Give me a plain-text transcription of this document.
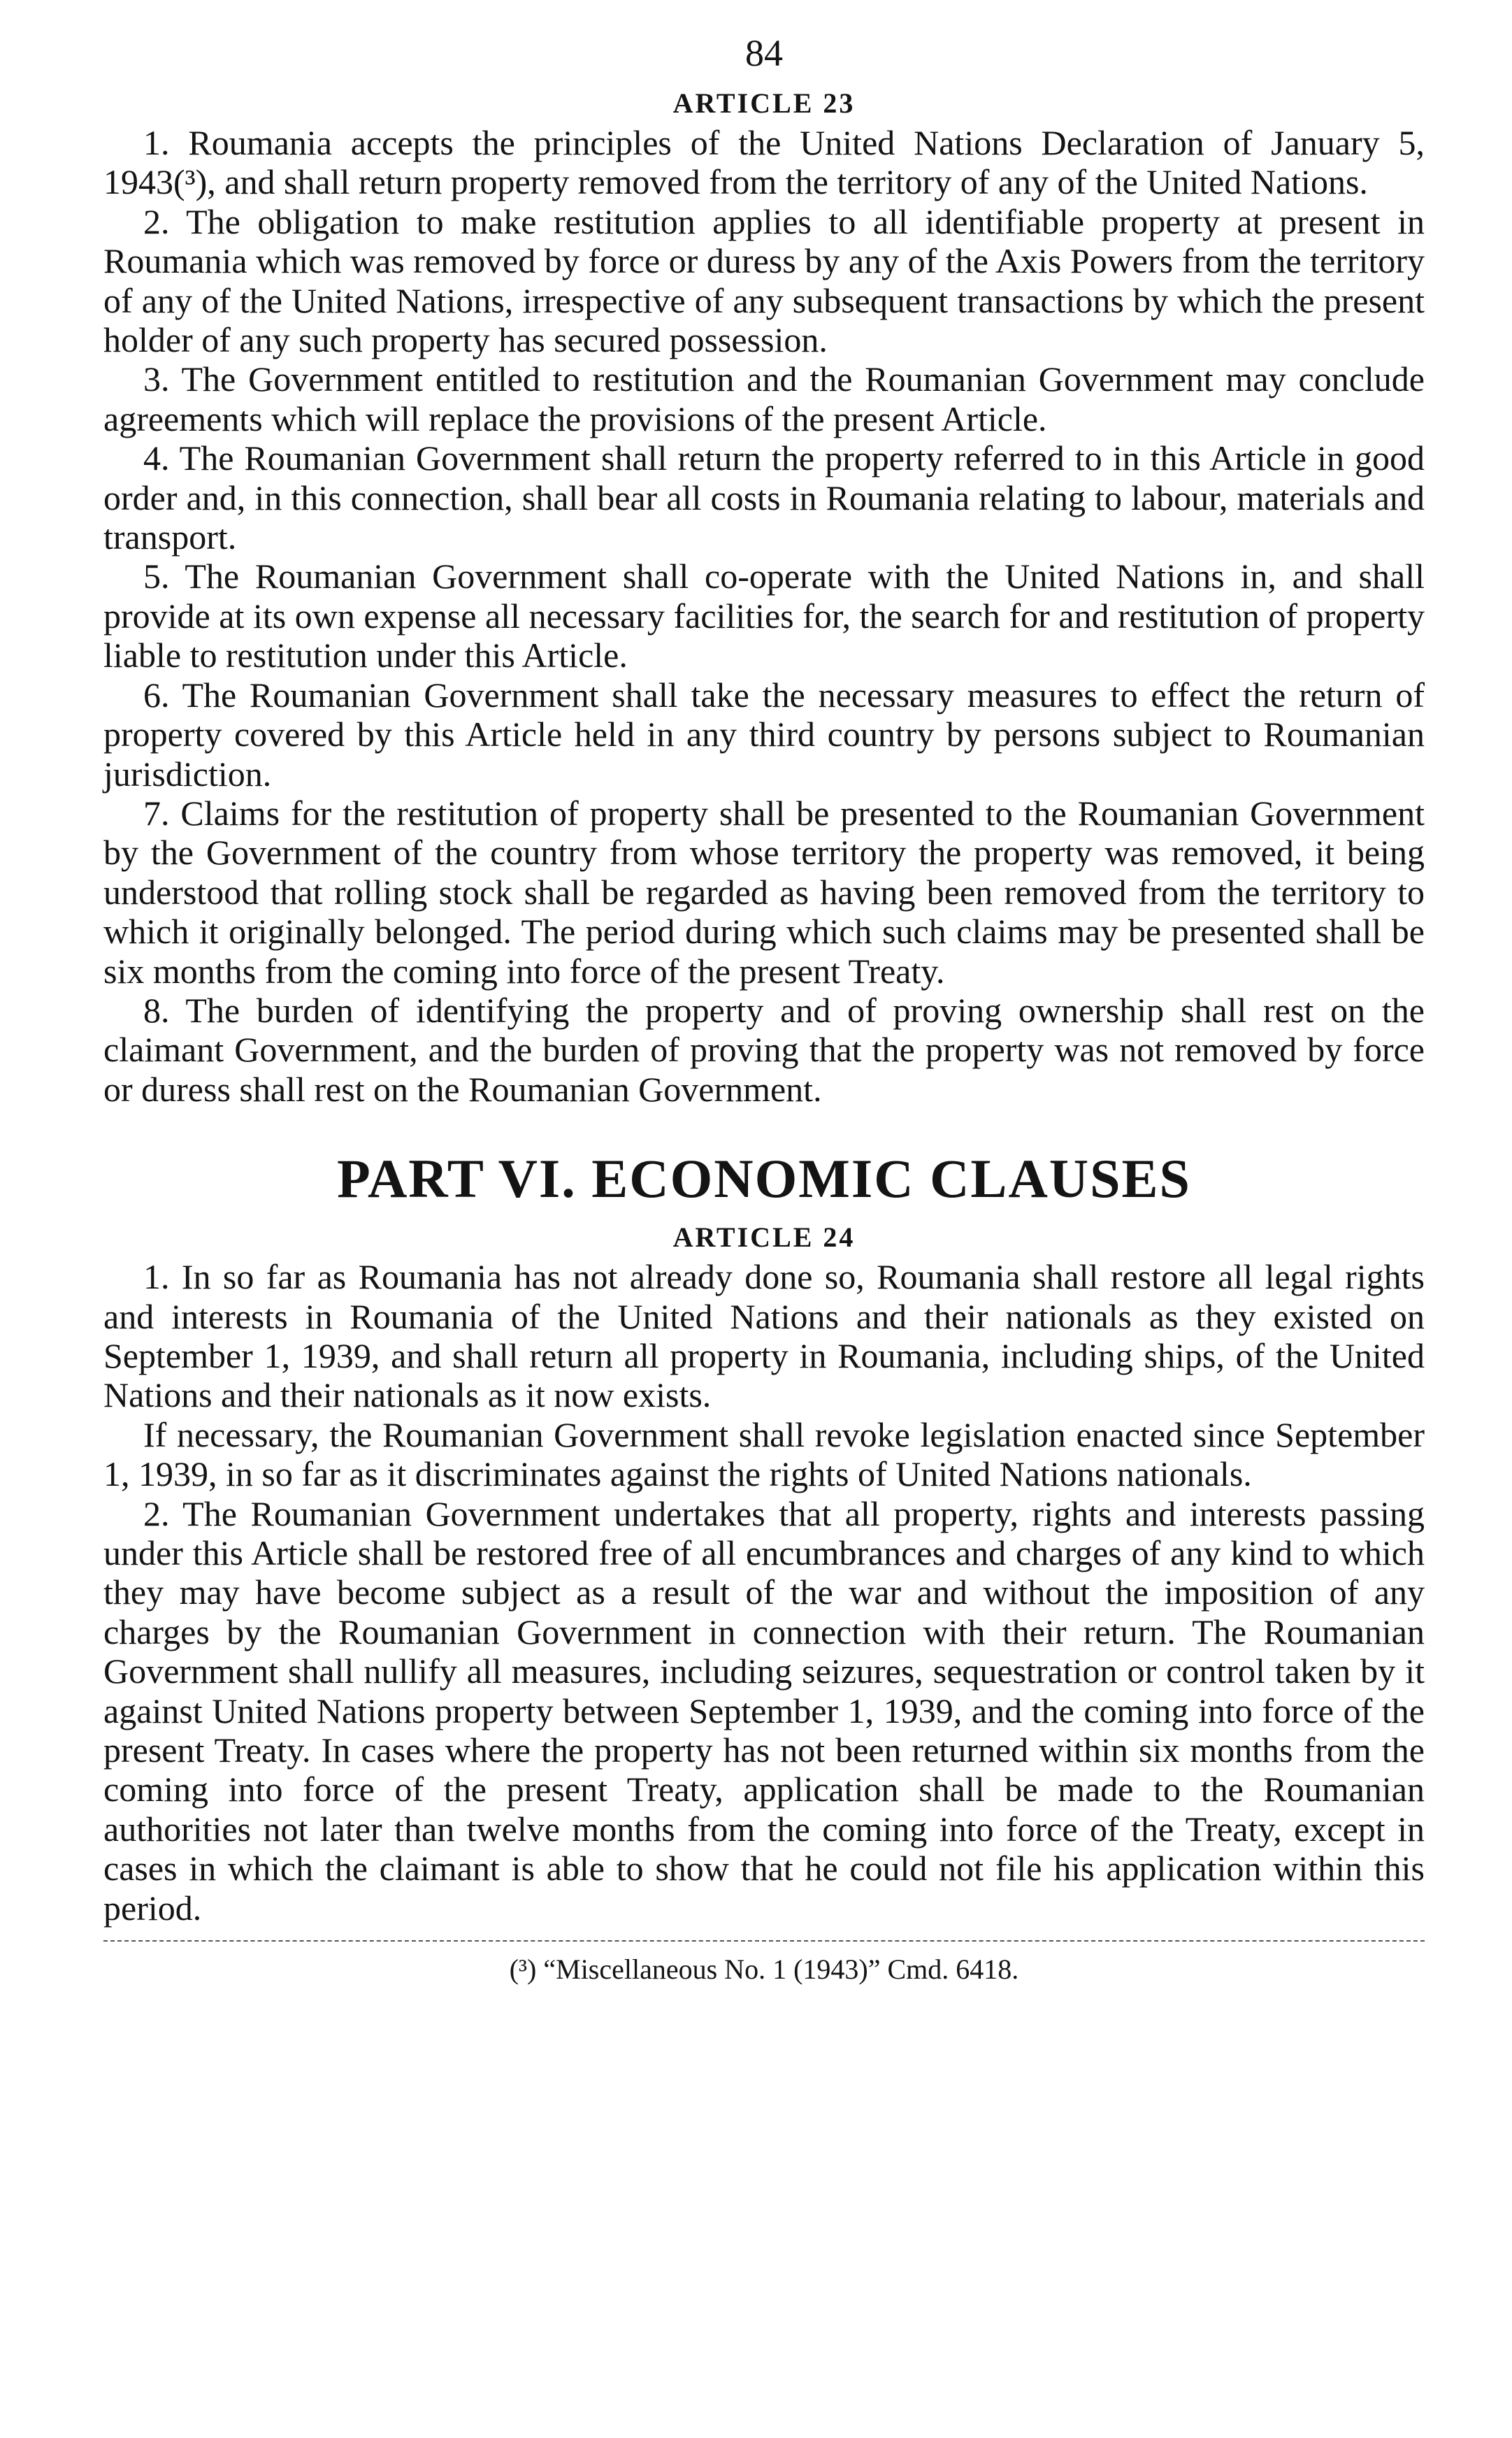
84
ARTICLE 23

1. Roumania accepts the principles of the United Nations Declaration of January 5, 1943(³), and shall return property removed from the territory of any of the United Nations.

2. The obligation to make restitution applies to all identifiable property at present in Roumania which was removed by force or duress by any of the Axis Powers from the territory of any of the United Nations, irrespective of any subsequent transactions by which the present holder of any such property has secured possession.

3. The Government entitled to restitution and the Roumanian Government may conclude agreements which will replace the provisions of the present Article.

4. The Roumanian Government shall return the property referred to in this Article in good order and, in this connection, shall bear all costs in Roumania relating to labour, materials and transport.

5. The Roumanian Government shall co-operate with the United Nations in, and shall provide at its own expense all necessary facilities for, the search for and restitution of property liable to restitution under this Article.

6. The Roumanian Government shall take the necessary measures to effect the return of property covered by this Article held in any third country by persons subject to Roumanian jurisdiction.

7. Claims for the restitution of property shall be presented to the Roumanian Government by the Government of the country from whose territory the property was removed, it being understood that rolling stock shall be regarded as having been removed from the territory to which it originally belonged. The period during which such claims may be presented shall be six months from the coming into force of the present Treaty.

8. The burden of identifying the property and of proving ownership shall rest on the claimant Government, and the burden of proving that the property was not removed by force or duress shall rest on the Roumanian Government.

PART VI. ECONOMIC CLAUSES
ARTICLE 24

1. In so far as Roumania has not already done so, Roumania shall restore all legal rights and interests in Roumania of the United Nations and their nationals as they existed on September 1, 1939, and shall return all property in Roumania, including ships, of the United Nations and their nationals as it now exists.

If necessary, the Roumanian Government shall revoke legislation enacted since September 1, 1939, in so far as it discriminates against the rights of United Nations nationals.

2. The Roumanian Government undertakes that all property, rights and interests passing under this Article shall be restored free of all encumbrances and charges of any kind to which they may have become subject as a result of the war and without the imposition of any charges by the Roumanian Government in connection with their return. The Roumanian Government shall nullify all measures, including seizures, sequestration or control taken by it against United Nations property between September 1, 1939, and the coming into force of the present Treaty. In cases where the property has not been returned within six months from the coming into force of the present Treaty, application shall be made to the Roumanian authorities not later than twelve months from the coming into force of the Treaty, except in cases in which the claimant is able to show that he could not file his application within this period.

(³) “Miscellaneous No. 1 (1943)” Cmd. 6418.
